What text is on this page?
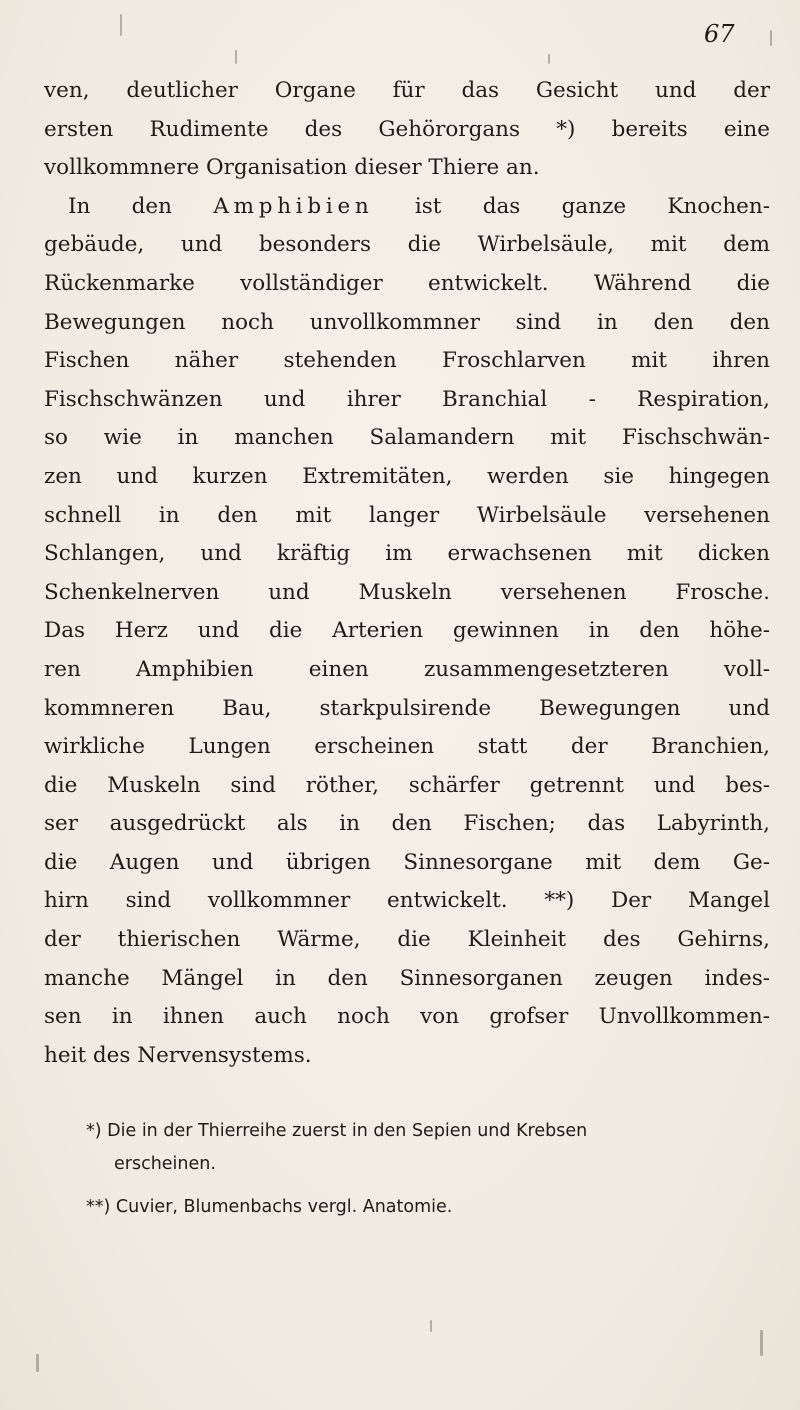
67
ven, deutlicher Organe für das Gesicht und der
ersten Rudimente des Gehörorgans *) bereits eine
vollkommnere Organisation dieser Thiere an.
In den Amphibien ist das ganze Knochen-
gebäude, und besonders die Wirbelsäule, mit dem
Rückenmarke vollständiger entwickelt. Während die
Bewegungen noch unvollkommner sind in den den
Fischen näher stehenden Froschlarven mit ihren
Fischschwänzen und ihrer Branchial - Respiration,
so wie in manchen Salamandern mit Fischschwän-
zen und kurzen Extremitäten, werden sie hingegen
schnell in den mit langer Wirbelsäule versehenen
Schlangen, und kräftig im erwachsenen mit dicken
Schenkelnerven und Muskeln versehenen Frosche.
Das Herz und die Arterien gewinnen in den höhe-
ren Amphibien einen zusammengesetzteren voll-
kommneren Bau, starkpulsirende Bewegungen und
wirkliche Lungen erscheinen statt der Branchien,
die Muskeln sind röther, schärfer getrennt und bes-
ser ausgedrückt als in den Fischen; das Labyrinth,
die Augen und übrigen Sinnesorgane mit dem Ge-
hirn sind vollkommner entwickelt. **) Der Mangel
der thierischen Wärme, die Kleinheit des Gehirns,
manche Mängel in den Sinnesorganen zeugen indes-
sen in ihnen auch noch von grofser Unvollkommen-
heit des Nervensystems.
*) Die in der Thierreihe zuerst in den Sepien und Krebsen
erscheinen.
**) Cuvier, Blumenbachs vergl. Anatomie.
